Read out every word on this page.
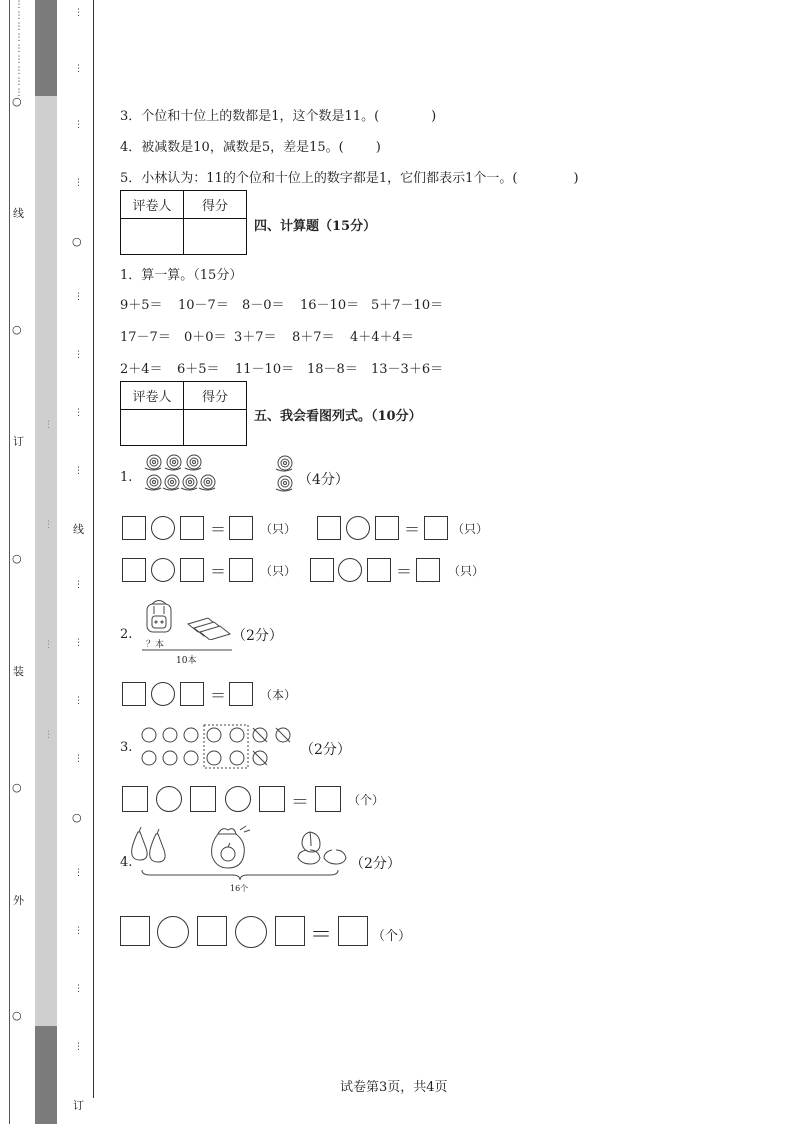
⋮
⋮
⋮
⋮
⋮
⋮
⋮
⋮
⋮
○
线
○
订
○
装
○
外
○
⋮
⋮
⋮
⋮
⋮
⋮
⋮
⋮
⋮
⋮
⋮
⋮
⋮
⋮
⋮
⋮
○
线
○
订
⋮

⋮

⋮

⋮
3．个位和十位上的数都是1，这个数是11。(	)
4．被减数是10，减数是5，差是15。( )
5．小林认为：11的个位和十位上的数字都是1，它们都表示1个一。(	)
评卷人	得分

四、计算题（15分）
1．算一算。（15分）
9＋5＝ 10－7＝ 8－0＝ 16－10＝ 5＋7－10＝
17－7＝ 0＋0＝ 3＋7＝ 8＋7＝ 4＋4＋4＝
2＋4＝ 6＋5＝ 11－10＝ 18－8＝ 13－3＋6＝
评卷人	得分

五、我会看图列式。（10分）
1.	（4分）
＝	（只）	＝	（只）
＝	（只）	＝	（只）
2.
？本
10本
（2分）
＝	（本）
3.	（2分）
＝	（个）
4.
16个
（2分）
＝	（个）
试卷第3页，共4页
